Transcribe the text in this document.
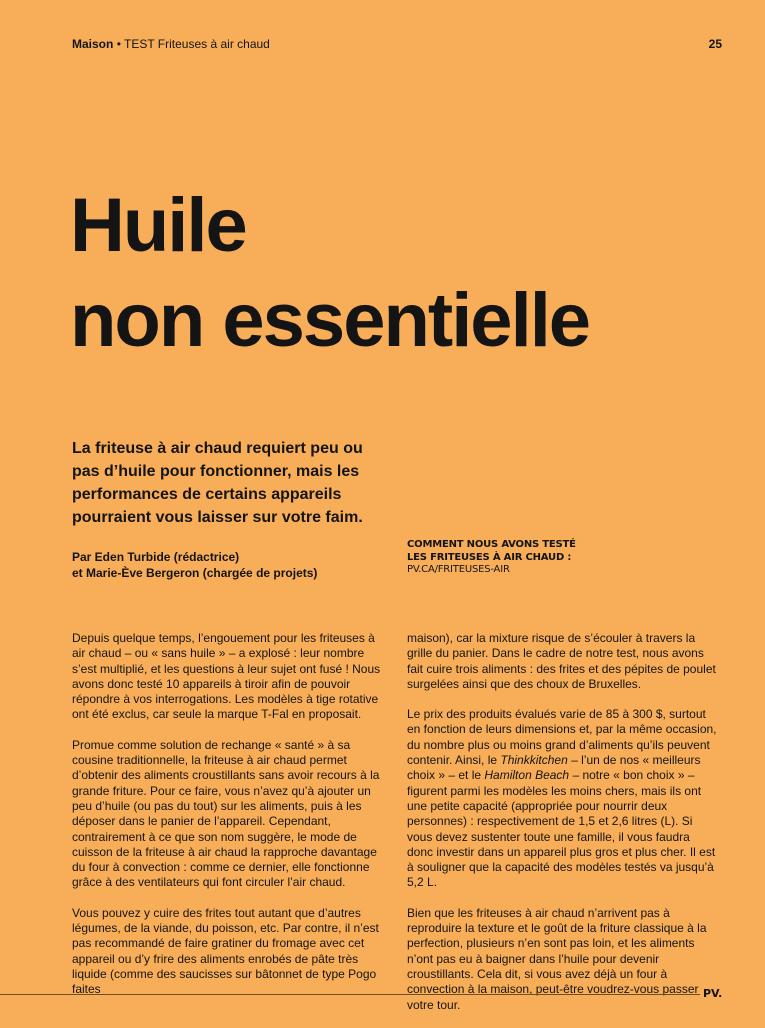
Maison • TEST Friteuses à air chaud	25
Huile
non essentielle

La friteuse à air chaud requiert peu ou pas d’huile pour fonctionner, mais les performances de certains appareils pourraient vous laisser sur votre faim.

Par Eden Turbide (rédactrice)
et Marie-Ève Bergeron (chargée de projets)
COMMENT NOUS AVONS TESTÉ
LES FRITEUSES À AIR CHAUD :
PV.CA/FRITEUSES-AIR

Depuis quelque temps, l’engouement pour les friteuses à air chaud – ou « sans huile » – a explosé : leur nombre s’est multiplié, et les questions à leur sujet ont fusé ! Nous avons donc testé 10 appareils à tiroir afin de pouvoir répondre à vos interrogations. Les modèles à tige rotative ont été exclus, car seule la marque T-Fal en proposait.

Promue comme solution de rechange « santé » à sa cousine traditionnelle, la friteuse à air chaud permet d’obtenir des aliments croustillants sans avoir recours à la grande friture. Pour ce faire, vous n’avez qu’à ajouter un peu d’huile (ou pas du tout) sur les aliments, puis à les déposer dans le panier de l’appareil. Cependant, contrairement à ce que son nom suggère, le mode de cuisson de la friteuse à air chaud la rapproche davantage du four à convection : comme ce dernier, elle fonctionne grâce à des ventilateurs qui font circuler l’air chaud.

Vous pouvez y cuire des frites tout autant que d’autres légumes, de la viande, du poisson, etc. Par contre, il n’est pas recommandé de faire gratiner du fromage avec cet appareil ou d’y frire des aliments enrobés de pâte très liquide (comme des saucisses sur bâtonnet de type Pogo faites

maison), car la mixture risque de s’écouler à travers la grille du panier. Dans le cadre de notre test, nous avons fait cuire trois aliments : des frites et des pépites de poulet surgelées ainsi que des choux de Bruxelles.

Le prix des produits évalués varie de 85 à 300 $, surtout en fonction de leurs dimensions et, par la même occasion, du nombre plus ou moins grand d’aliments qu’ils peuvent contenir. Ainsi, le Thinkkitchen – l’un de nos « meilleurs choix » – et le Hamilton Beach – notre « bon choix » – figurent parmi les modèles les moins chers, mais ils ont une petite capacité (appropriée pour nourrir deux personnes) : respectivement de 1,5 et 2,6 litres (L). Si vous devez sustenter toute une famille, il vous faudra donc investir dans un appareil plus gros et plus cher. Il est à souligner que la capacité des modèles testés va jusqu’à 5,2 L.

Bien que les friteuses à air chaud n’arrivent pas à reproduire la texture et le goût de la friture classique à la perfection, plusieurs n’en sont pas loin, et les aliments n’ont pas eu à baigner dans l’huile pour devenir croustillants. Cela dit, si vous avez déjà un four à convection à la maison, peut-être voudrez-vous passer votre tour.

PV.
